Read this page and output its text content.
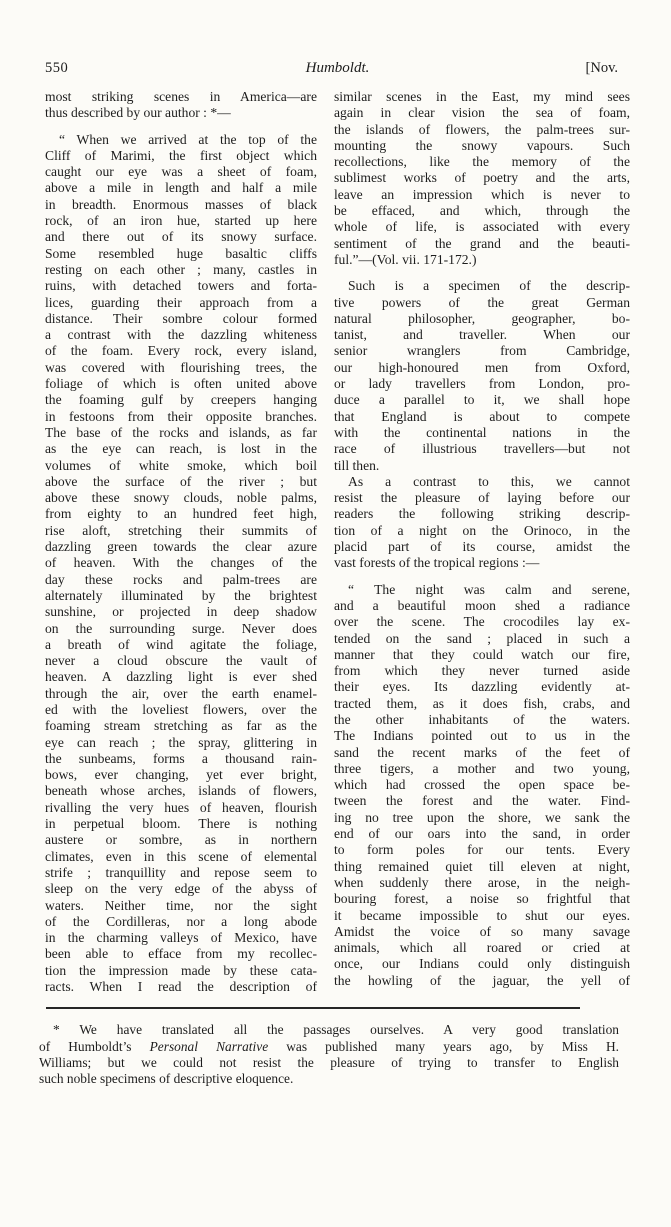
550	Humboldt.	[Nov.
most striking scenes in America—are
thus described by our author : *—
“ When we arrived at the top of the
Cliff of Marimi, the first object which
caught our eye was a sheet of foam,
above a mile in length and half a mile
in breadth. Enormous masses of black
rock, of an iron hue, started up here
and there out of its snowy surface.
Some resembled huge basaltic cliffs
resting on each other ; many, castles in
ruins, with detached towers and forta-
lices, guarding their approach from a
distance. Their sombre colour formed
a contrast with the dazzling whiteness
of the foam. Every rock, every island,
was covered with flourishing trees, the
foliage of which is often united above
the foaming gulf by creepers hanging
in festoons from their opposite branches.
The base of the rocks and islands, as far
as the eye can reach, is lost in the
volumes of white smoke, which boil
above the surface of the river ; but
above these snowy clouds, noble palms,
from eighty to an hundred feet high,
rise aloft, stretching their summits of
dazzling green towards the clear azure
of heaven. With the changes of the
day these rocks and palm-trees are
alternately illuminated by the brightest
sunshine, or projected in deep shadow
on the surrounding surge. Never does
a breath of wind agitate the foliage,
never a cloud obscure the vault of
heaven. A dazzling light is ever shed
through the air, over the earth enamel-
ed with the loveliest flowers, over the
foaming stream stretching as far as the
eye can reach ; the spray, glittering in
the sunbeams, forms a thousand rain-
bows, ever changing, yet ever bright,
beneath whose arches, islands of flowers,
rivalling the very hues of heaven, flourish
in perpetual bloom. There is nothing
austere or sombre, as in northern
climates, even in this scene of elemental
strife ; tranquillity and repose seem to
sleep on the very edge of the abyss of
waters. Neither time, nor the sight
of the Cordilleras, nor a long abode
in the charming valleys of Mexico, have
been able to efface from my recollec-
tion the impression made by these cata-
racts. When I read the description of
similar scenes in the East, my mind sees
again in clear vision the sea of foam,
the islands of flowers, the palm-trees sur-
mounting the snowy vapours. Such
recollections, like the memory of the
sublimest works of poetry and the arts,
leave an impression which is never to
be effaced, and which, through the
whole of life, is associated with every
sentiment of the grand and the beauti-
ful.”—(Vol. vii. 171-172.)
Such is a specimen of the descrip-
tive powers of the great German
natural philosopher, geographer, bo-
tanist, and traveller. When our
senior wranglers from Cambridge,
our high-honoured men from Oxford,
or lady travellers from London, pro-
duce a parallel to it, we shall hope
that England is about to compete
with the continental nations in the
race of illustrious travellers—but not
till then.
As a contrast to this, we cannot
resist the pleasure of laying before our
readers the following striking descrip-
tion of a night on the Orinoco, in the
placid part of its course, amidst the
vast forests of the tropical regions :—
“ The night was calm and serene,
and a beautiful moon shed a radiance
over the scene. The crocodiles lay ex-
tended on the sand ; placed in such a
manner that they could watch our fire,
from which they never turned aside
their eyes. Its dazzling evidently at-
tracted them, as it does fish, crabs, and
the other inhabitants of the waters.
The Indians pointed out to us in the
sand the recent marks of the feet of
three tigers, a mother and two young,
which had crossed the open space be-
tween the forest and the water. Find-
ing no tree upon the shore, we sank the
end of our oars into the sand, in order
to form poles for our tents. Every
thing remained quiet till eleven at night,
when suddenly there arose, in the neigh-
bouring forest, a noise so frightful that
it became impossible to shut our eyes.
Amidst the voice of so many savage
animals, which all roared or cried at
once, our Indians could only distinguish
the howling of the jaguar, the yell of
* We have translated all the passages ourselves. A very good translation
of Humboldt’s Personal Narrative was published many years ago, by Miss H.
Williams; but we could not resist the pleasure of trying to transfer to English
such noble specimens of descriptive eloquence.
